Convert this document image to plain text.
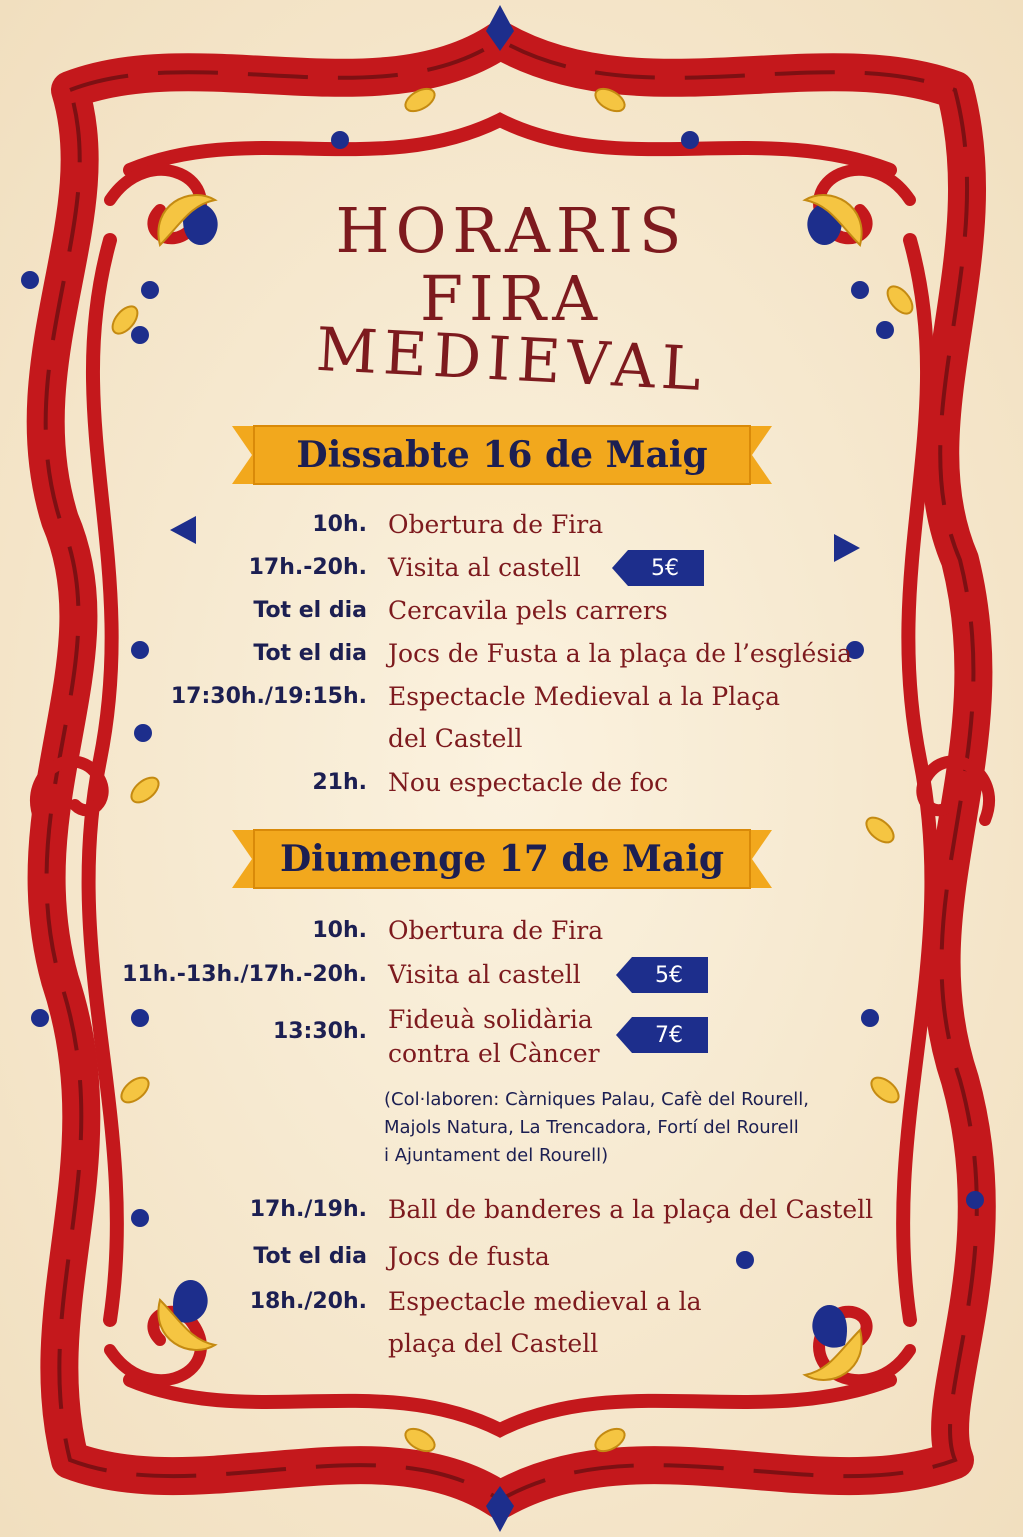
HORARIS
FIRA
MEDIEVAL
Dissabte 16 de Maig
10h. Obertura de Fira
17h.-20h. Visita al castell	5€
Tot el dia Cercavila pels carrers
Tot el dia Jocs de Fusta a la plaça de l’església
17:30h./19:15h. Espectacle Medieval a la Plaça
del Castell
21h. Nou espectacle de foc
Diumenge 17 de Maig
10h. Obertura de Fira
11h.-13h./17h.-20h. Visita al castell	5€
13:30h. Fideuà solidària
contra el Càncer
7€
(Col·laboren: Càrniques Palau, Cafè del Rourell,
Majols Natura, La Trencadora, Fortí del Rourell
i Ajuntament del Rourell)
17h./19h. Ball de banderes a la plaça del Castell
Tot el dia Jocs de fusta
18h./20h. Espectacle medieval a la
plaça del Castell
